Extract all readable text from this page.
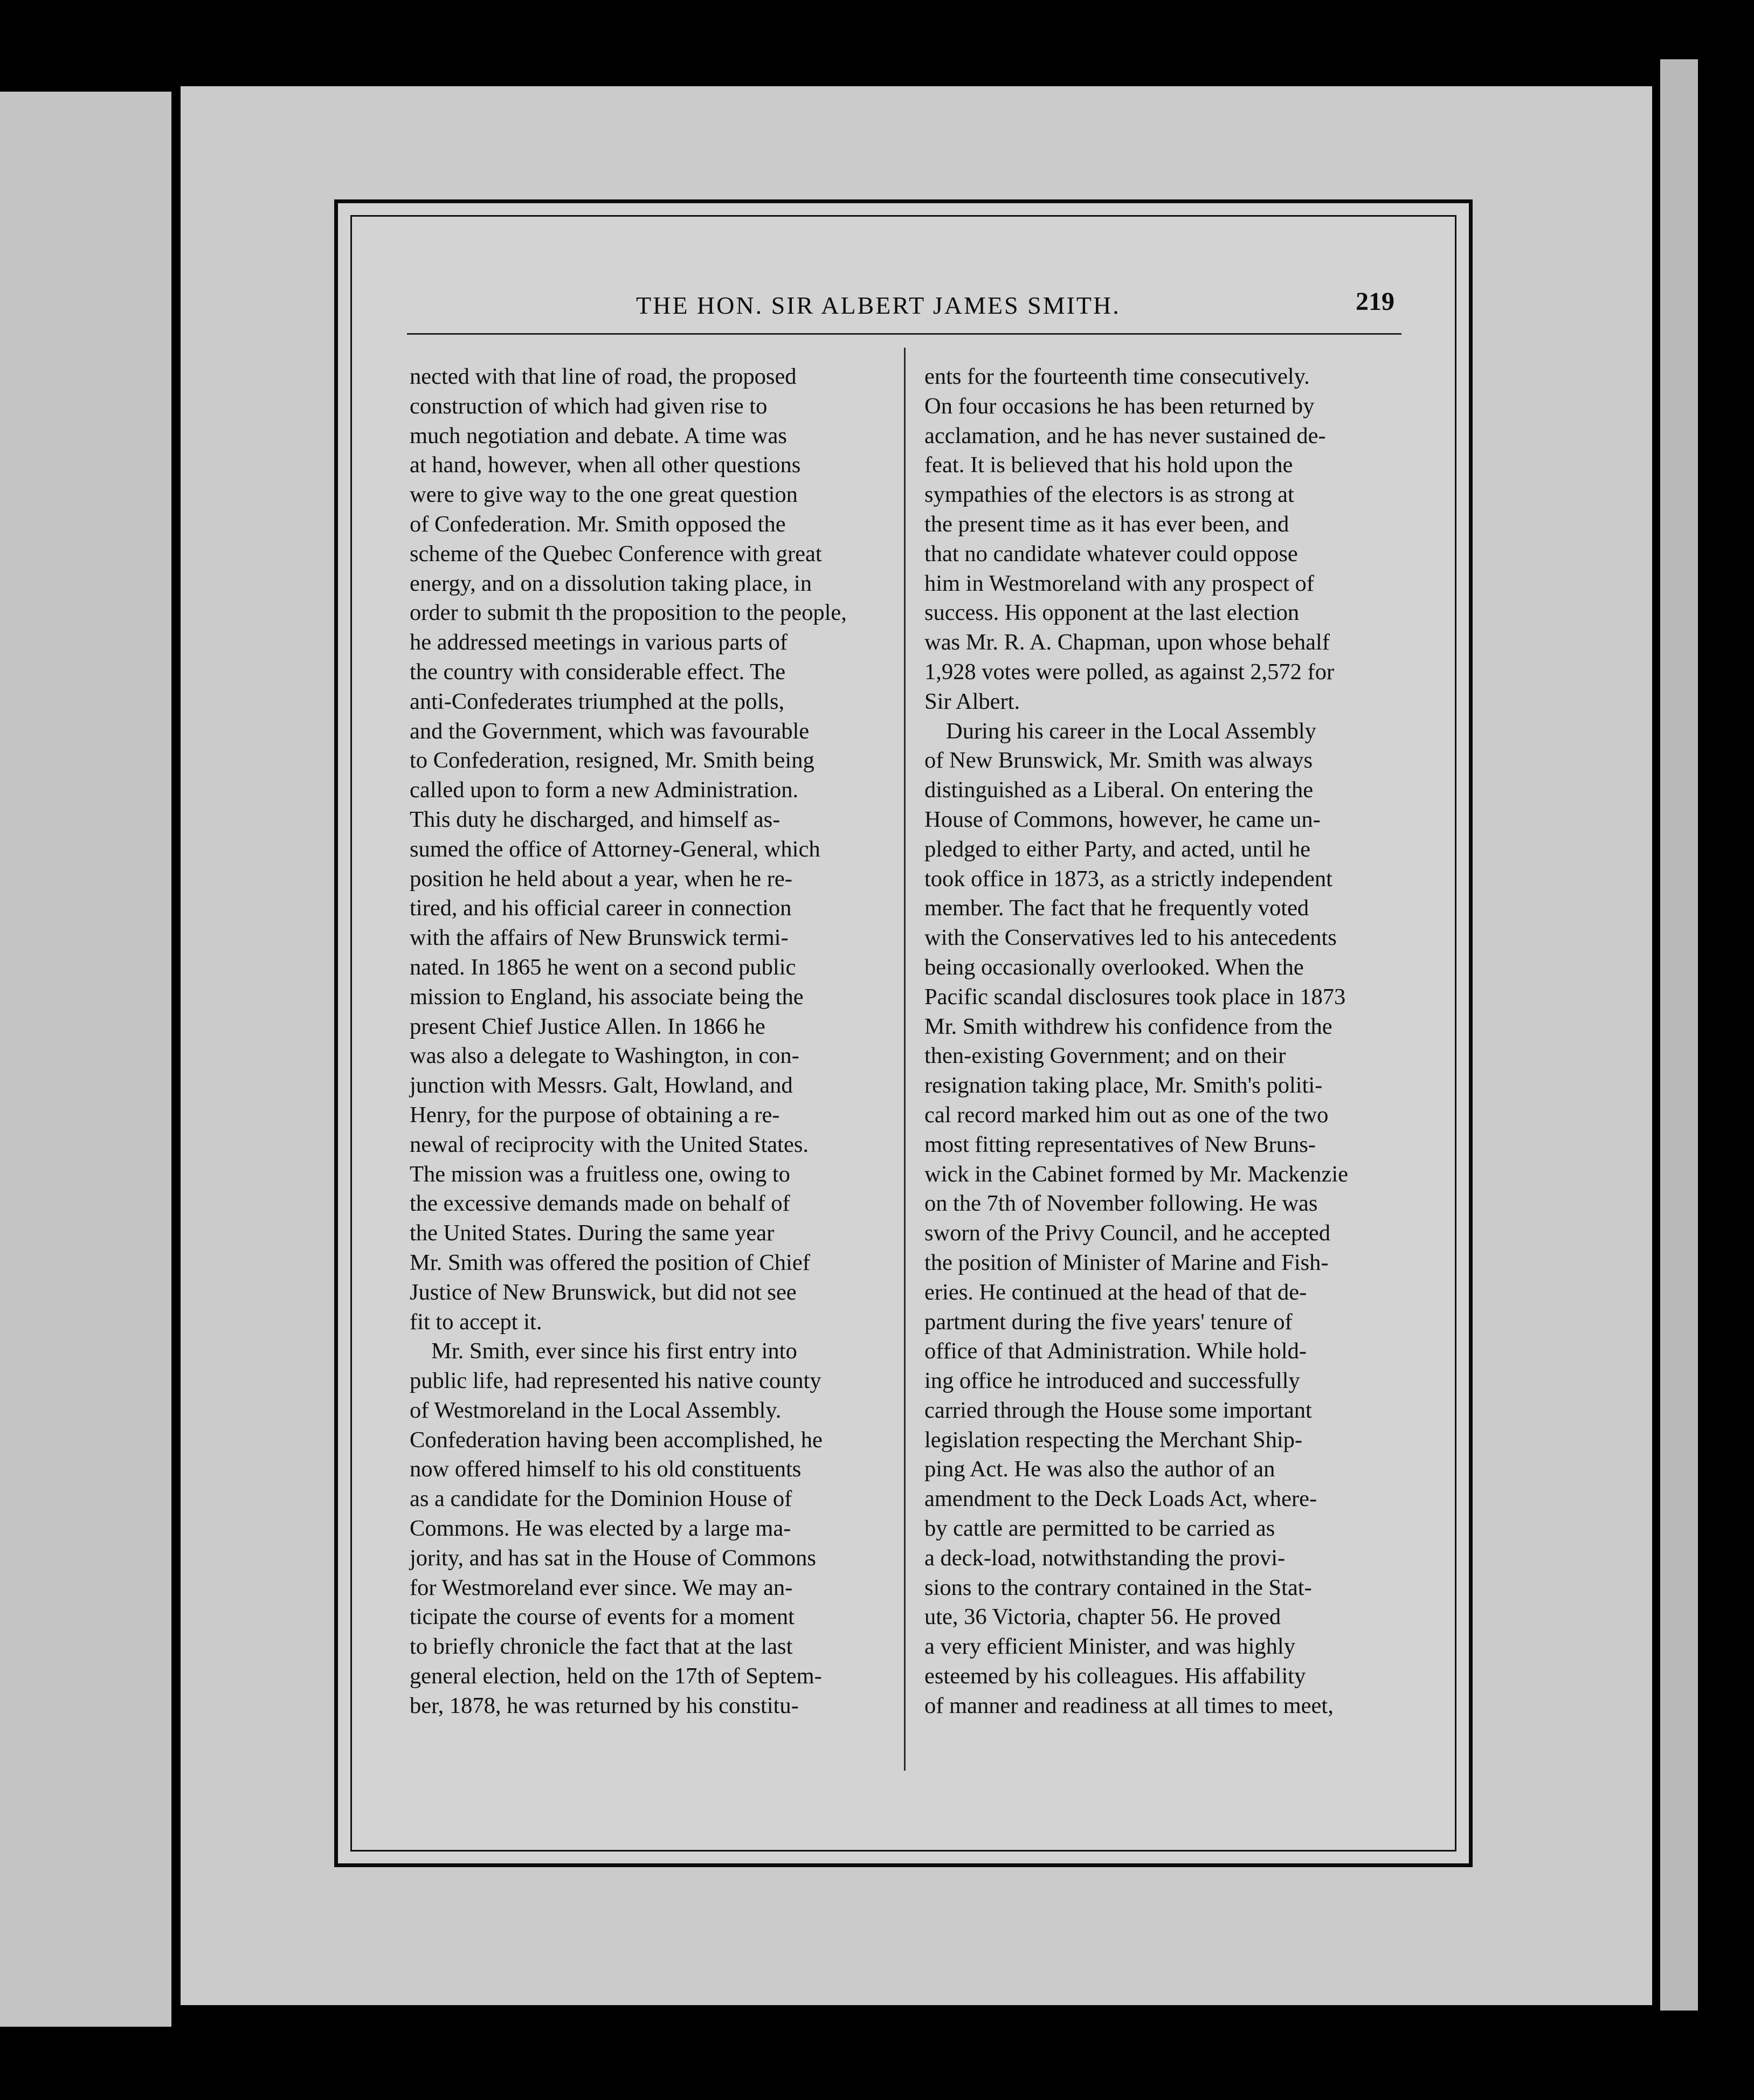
THE HON. SIR ALBERT JAMES SMITH.	219
nected with that line of road, the proposed
construction of which had given rise to
much negotiation and debate. A time was
at hand, however, when all other questions
were to give way to the one great question
of Confederation. Mr. Smith opposed the
scheme of the Quebec Conference with great
energy, and on a dissolution taking place, in
order to submit th the proposition to the people,
he addressed meetings in various parts of
the country with considerable effect. The
anti-Confederates triumphed at the polls,
and the Government, which was favourable
to Confederation, resigned, Mr. Smith being
called upon to form a new Administration.
This duty he discharged, and himself as-
sumed the office of Attorney-General, which
position he held about a year, when he re-
tired, and his official career in connection
with the affairs of New Brunswick termi-
nated. In 1865 he went on a second public
mission to England, his associate being the
present Chief Justice Allen. In 1866 he
was also a delegate to Washington, in con-
junction with Messrs. Galt, Howland, and
Henry, for the purpose of obtaining a re-
newal of reciprocity with the United States.
The mission was a fruitless one, owing to
the excessive demands made on behalf of
the United States. During the same year
Mr. Smith was offered the position of Chief
Justice of New Brunswick, but did not see
fit to accept it.
Mr. Smith, ever since his first entry into
public life, had represented his native county
of Westmoreland in the Local Assembly.
Confederation having been accomplished, he
now offered himself to his old constituents
as a candidate for the Dominion House of
Commons. He was elected by a large ma-
jority, and has sat in the House of Commons
for Westmoreland ever since. We may an-
ticipate the course of events for a moment
to briefly chronicle the fact that at the last
general election, held on the 17th of Septem-
ber, 1878, he was returned by his constitu-
ents for the fourteenth time consecutively.
On four occasions he has been returned by
acclamation, and he has never sustained de-
feat. It is believed that his hold upon the
sympathies of the electors is as strong at
the present time as it has ever been, and
that no candidate whatever could oppose
him in Westmoreland with any prospect of
success. His opponent at the last election
was Mr. R. A. Chapman, upon whose behalf
1,928 votes were polled, as against 2,572 for
Sir Albert.
During his career in the Local Assembly
of New Brunswick, Mr. Smith was always
distinguished as a Liberal. On entering the
House of Commons, however, he came un-
pledged to either Party, and acted, until he
took office in 1873, as a strictly independent
member. The fact that he frequently voted
with the Conservatives led to his antecedents
being occasionally overlooked. When the
Pacific scandal disclosures took place in 1873
Mr. Smith withdrew his confidence from the
then-existing Government; and on their
resignation taking place, Mr. Smith's politi-
cal record marked him out as one of the two
most fitting representatives of New Bruns-
wick in the Cabinet formed by Mr. Mackenzie
on the 7th of November following. He was
sworn of the Privy Council, and he accepted
the position of Minister of Marine and Fish-
eries. He continued at the head of that de-
partment during the five years' tenure of
office of that Administration. While hold-
ing office he introduced and successfully
carried through the House some important
legislation respecting the Merchant Ship-
ping Act. He was also the author of an
amendment to the Deck Loads Act, where-
by cattle are permitted to be carried as
a deck-load, notwithstanding the provi-
sions to the contrary contained in the Stat-
ute, 36 Victoria, chapter 56. He proved
a very efficient Minister, and was highly
esteemed by his colleagues. His affability
of manner and readiness at all times to meet,
